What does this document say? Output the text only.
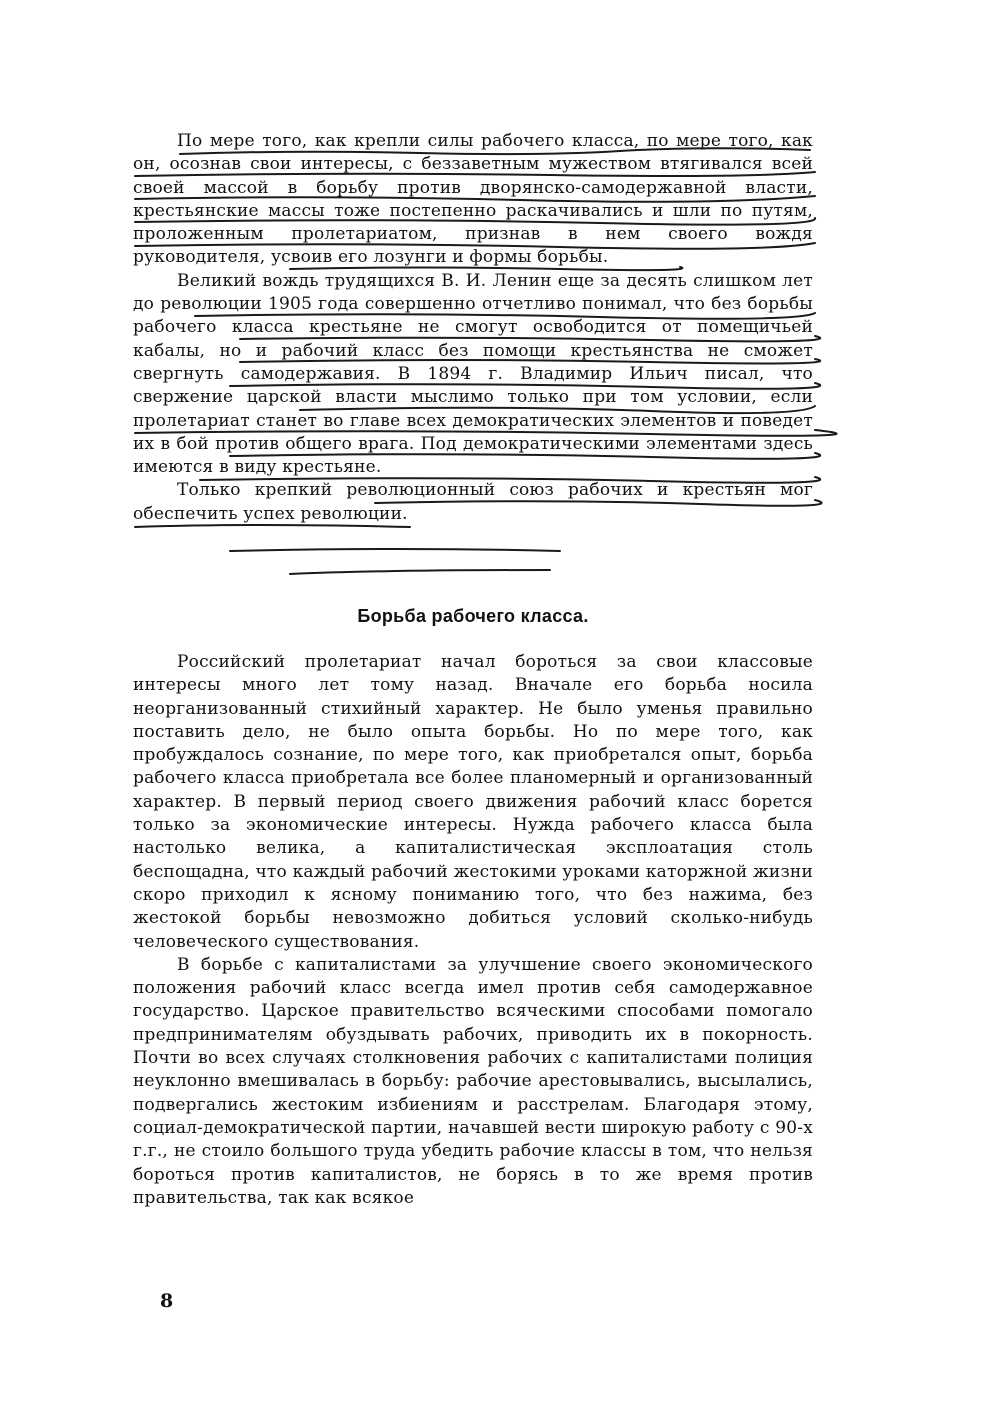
По мере того, как крепли силы рабочего класса, по мере того, как он, осознав свои интересы, с беззаветным мужеством втягивался всей своей массой в борьбу против дворянско-самодержавной власти, крестьянские массы тоже постепенно раскачивались и шли по путям, проложенным пролетариатом, признав в нем своего вождя руководителя, усвоив его лозунги и формы борьбы.

Великий вождь трудящихся В. И. Ленин еще за десять слишком лет до революции 1905 года совершенно отчетливо понимал, что без борьбы рабочего класса крестьяне не смогут освободится от помещичьей кабалы, но и рабочий класс без помощи крестьянства не сможет свергнуть самодержавия. В 1894 г. Владимир Ильич писал, что свержение царской власти мыслимо только при том условии, если пролетариат станет во главе всех демократических элементов и поведет их в бой против общего врага. Под демократическими элементами здесь имеются в виду крестьяне.

Только крепкий революционный союз рабочих и крестьян мог обеспечить успех революции.

Борьба рабочего класса.

Российский пролетариат начал бороться за свои классовые интересы много лет тому назад. Вначале его борьба носила неорганизованный стихийный характер. Не было уменья правильно поставить дело, не было опыта борьбы. Но по мере того, как пробуждалось сознание, по мере того, как приобретался опыт, борьба рабочего класса приобретала все более планомерный и организованный характер. В первый период своего движения рабочий класс борется только за экономические интересы. Нужда рабочего класса была настолько велика, а капиталистическая эксплоатация столь беспощадна, что каждый рабочий жестокими уроками каторжной жизни скоро приходил к ясному пониманию того, что без нажима, без жестокой борьбы невозможно добиться условий сколько-нибудь человеческого существования.

В борьбе с капиталистами за улучшение своего экономического положения рабочий класс всегда имел против себя самодержавное государство. Царское правительство всяческими способами помогало предпринимателям обуздывать рабочих, приводить их в покорность. Почти во всех случаях столкновения рабочих с капиталистами полиция неуклонно вмешивалась в борьбу: рабочие арестовывались, высылались, подвергались жестоким избиениям и расстрелам. Благодаря этому, социал-демократической партии, начавшей вести широкую работу с 90-х г.г., не стоило большого труда убедить рабочие классы в том, что нельзя бороться против капиталистов, не борясь в то же время против правительства, так как всякое

8
